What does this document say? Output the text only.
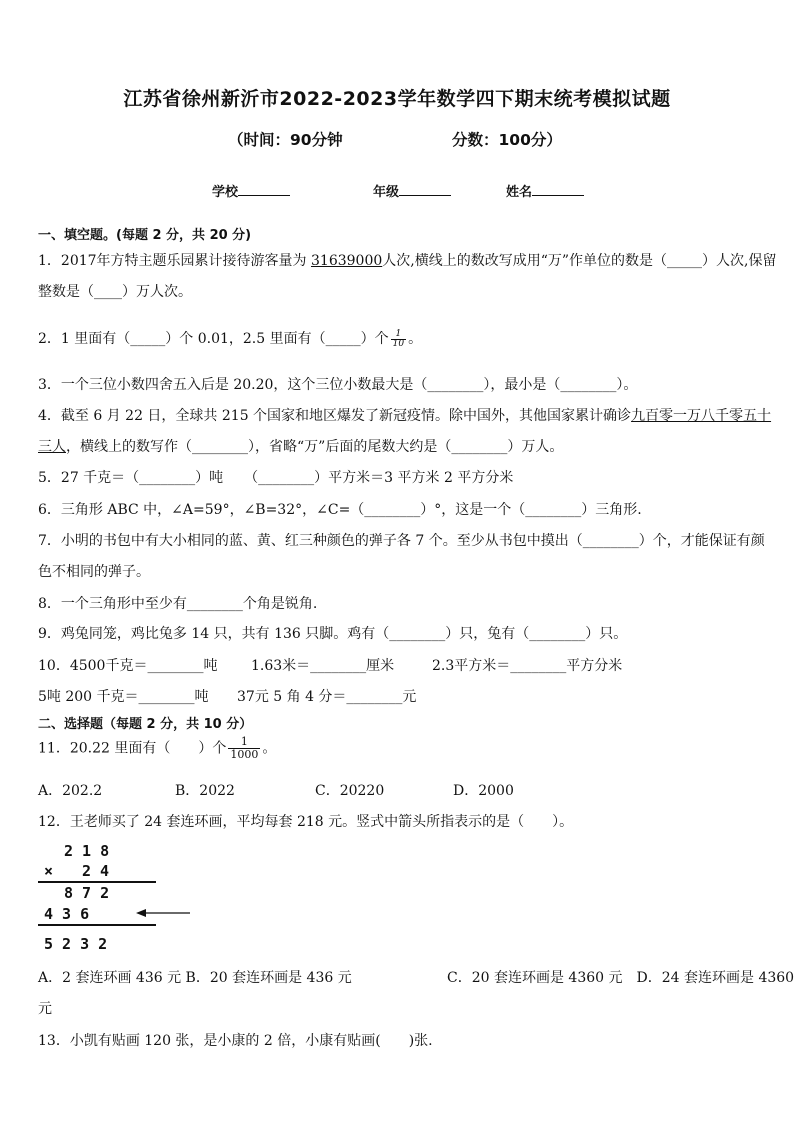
江苏省徐州新沂市2022-2023学年数学四下期末统考模拟试题
（时间：90分钟	分数：100分）
学校	年级	姓名
一、填空题。(每题 2 分，共 20 分)
1．2017年方特主题乐园累计接待游客量为 31639000人次,横线上的数改写成用“万”作单位的数是（_____）人次,保留
整数是（____）万人次。
2．1 里面有（_____）个 0.01，2.5 里面有（_____）个 $\frac{1}{10}$ 。
3．一个三位小数四舍五入后是 20.20，这个三位小数最大是（________），最小是（________）。
4．截至 6 月 22 日，全球共 215 个国家和地区爆发了新冠疫情。除中国外，其他国家累计确诊九百零一万八千零五十
三人，横线上的数写作（________），省略“万”后面的尾数大约是（________）万人。
5．27 千克＝（________）吨　　（________）平方米＝3 平方米 2 平方分米
6．三角形 ABC 中，∠A=59°，∠B=32°，∠C=（________）°，这是一个（________）三角形.
7．小明的书包中有大小相同的蓝、黄、红三种颜色的弹子各 7 个。至少从书包中摸出（________）个，才能保证有颜
色不相同的弹子。
8．一个三角形中至少有________个角是锐角.
9．鸡兔同笼，鸡比兔多 14 只，共有 136 只脚。鸡有（________）只，兔有（________）只。
10．4500千克＝________吨 1.63米＝________厘米	2.3平方米＝________平方分米
5吨 200 千克＝________吨 37元 5 角 4 分＝________元
二、选择题（每题 2 分，共 10 分）
11．20.22 里面有（　　）个 $\frac{1}{1000}$ 。
A．202.2	B．2022	C．20220	D．2000
12．王老师买了 24 套连环画，平均每套 218 元。竖式中箭头所指表示的是（　　）。
2 1 8
× 2 4
8 7 2
4 3 6
5 2 3 2
A．2 套连环画 436 元 B．20 套连环画是 436 元	C．20 套连环画是 4360 元　D．24 套连环画是 4360
元
13．小凯有贴画 120 张，是小康的 2 倍，小康有贴画(　　)张.
